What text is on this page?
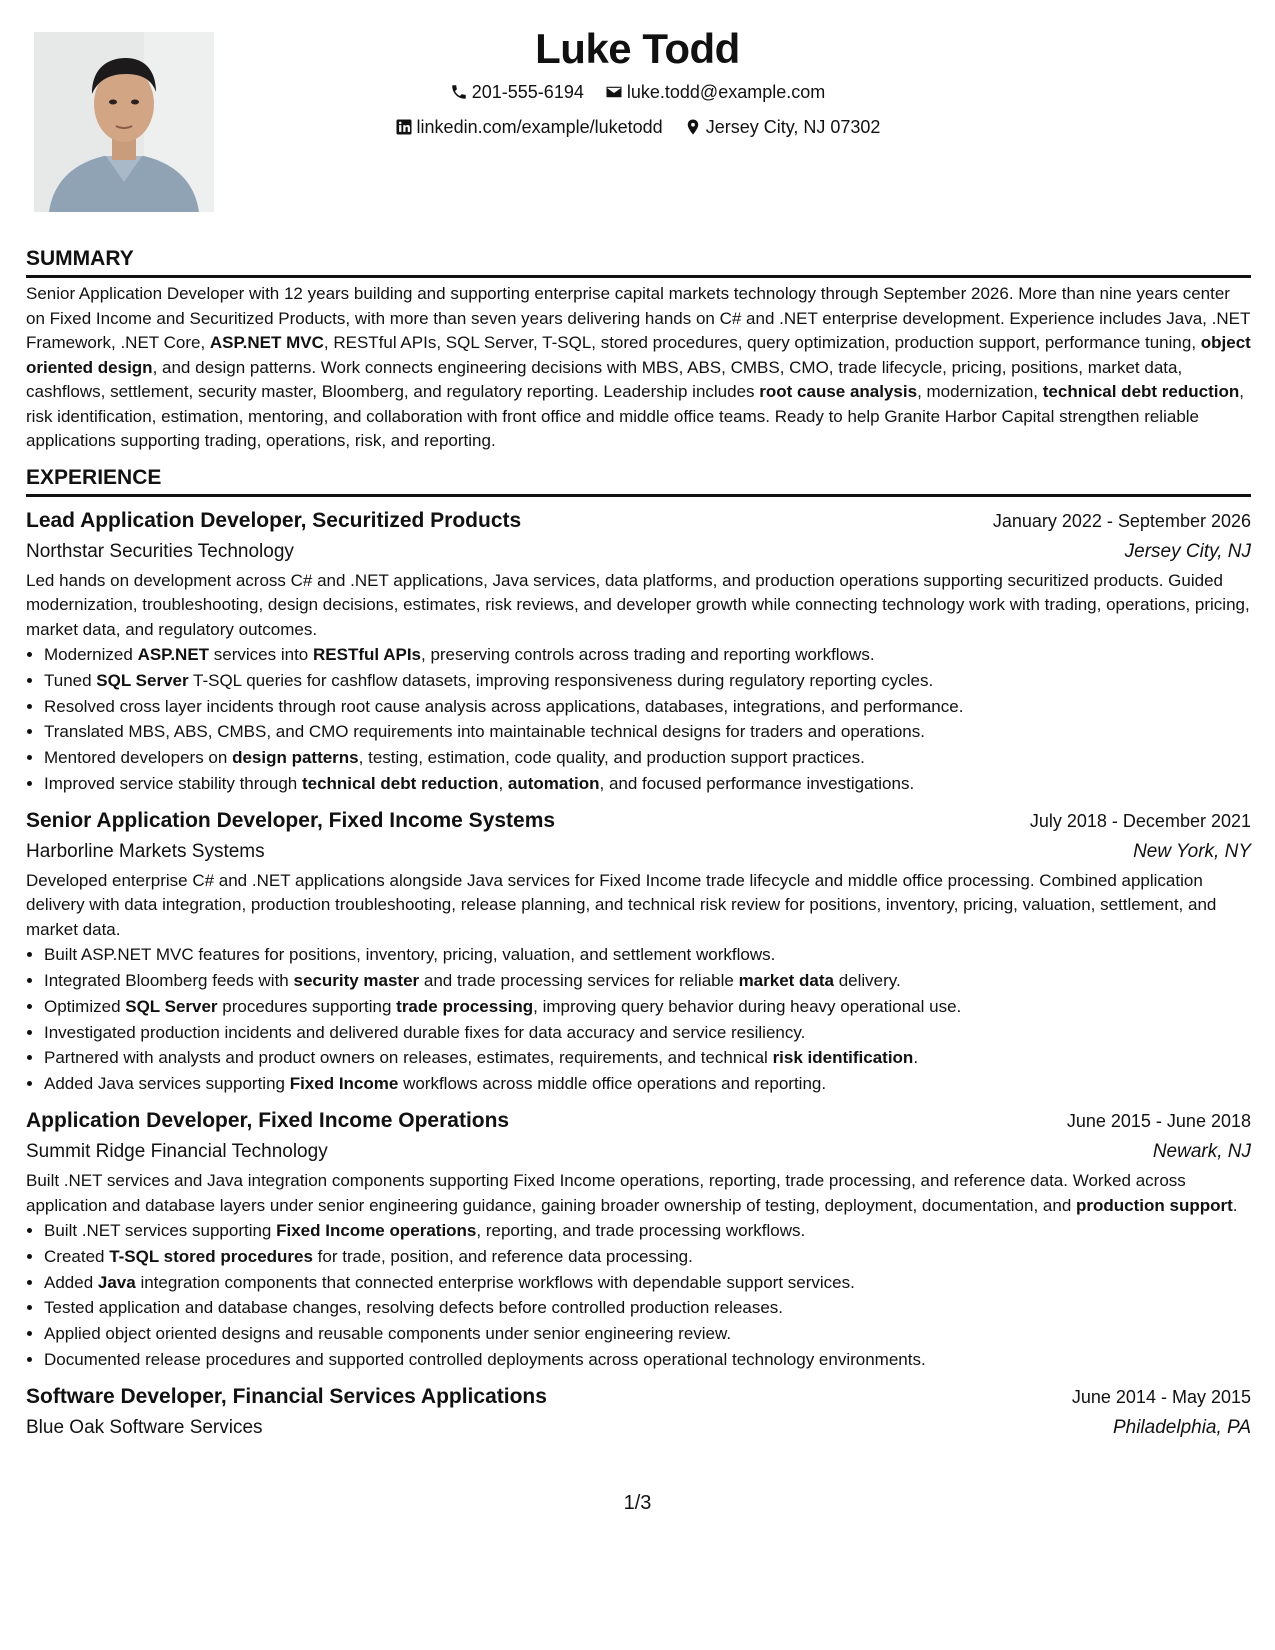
Luke Todd

201-555-6194
luke.todd@example.com

linkedin.com/example/luketodd
Jersey City, NJ 07302

SUMMARY

Senior Application Developer with 12 years building and supporting enterprise capital markets technology through September 2026. More than nine years center on Fixed Income and Securitized Products, with more than seven years delivering hands on C# and .NET enterprise development. Experience includes Java, .NET Framework, .NET Core, ASP.NET MVC, RESTful APIs, SQL Server, T-SQL, stored procedures, query optimization, production support, performance tuning, object oriented design, and design patterns. Work connects engineering decisions with MBS, ABS, CMBS, CMO, trade lifecycle, pricing, positions, market data, cashflows, settlement, security master, Bloomberg, and regulatory reporting. Leadership includes root cause analysis, modernization, technical debt reduction, risk identification, estimation, mentoring, and collaboration with front office and middle office teams. Ready to help Granite Harbor Capital strengthen reliable applications supporting trading, operations, risk, and reporting.

EXPERIENCE
Lead Application Developer, Securitized Products	January 2022 - September 2026
Northstar Securities Technology	Jersey City, NJ

Led hands on development across C# and .NET applications, Java services, data platforms, and production operations supporting securitized products. Guided modernization, troubleshooting, design decisions, estimates, risk reviews, and developer growth while connecting technology work with trading, operations, pricing, market data, and regulatory outcomes.

• Modernized ASP.NET services into RESTful APIs, preserving controls across trading and reporting workflows.
• Tuned SQL Server T-SQL queries for cashflow datasets, improving responsiveness during regulatory reporting cycles.
• Resolved cross layer incidents through root cause analysis across applications, databases, integrations, and performance.
• Translated MBS, ABS, CMBS, and CMO requirements into maintainable technical designs for traders and operations.
• Mentored developers on design patterns, testing, estimation, code quality, and production support practices.
• Improved service stability through technical debt reduction, automation, and focused performance investigations.
Senior Application Developer, Fixed Income Systems	July 2018 - December 2021
Harborline Markets Systems	New York, NY

Developed enterprise C# and .NET applications alongside Java services for Fixed Income trade lifecycle and middle office processing. Combined application delivery with data integration, production troubleshooting, release planning, and technical risk review for positions, inventory, pricing, valuation, settlement, and market data.

• Built ASP.NET MVC features for positions, inventory, pricing, valuation, and settlement workflows.
• Integrated Bloomberg feeds with security master and trade processing services for reliable market data delivery.
• Optimized SQL Server procedures supporting trade processing, improving query behavior during heavy operational use.
• Investigated production incidents and delivered durable fixes for data accuracy and service resiliency.
• Partnered with analysts and product owners on releases, estimates, requirements, and technical risk identification.
• Added Java services supporting Fixed Income workflows across middle office operations and reporting.
Application Developer, Fixed Income Operations	June 2015 - June 2018
Summit Ridge Financial Technology	Newark, NJ

Built .NET services and Java integration components supporting Fixed Income operations, reporting, trade processing, and reference data. Worked across application and database layers under senior engineering guidance, gaining broader ownership of testing, deployment, documentation, and production support.

• Built .NET services supporting Fixed Income operations, reporting, and trade processing workflows.
• Created T-SQL stored procedures for trade, position, and reference data processing.
• Added Java integration components that connected enterprise workflows with dependable support services.
• Tested application and database changes, resolving defects before controlled production releases.
• Applied object oriented designs and reusable components under senior engineering review.
• Documented release procedures and supported controlled deployments across operational technology environments.
Software Developer, Financial Services Applications	June 2014 - May 2015
Blue Oak Software Services	Philadelphia, PA
1/3
